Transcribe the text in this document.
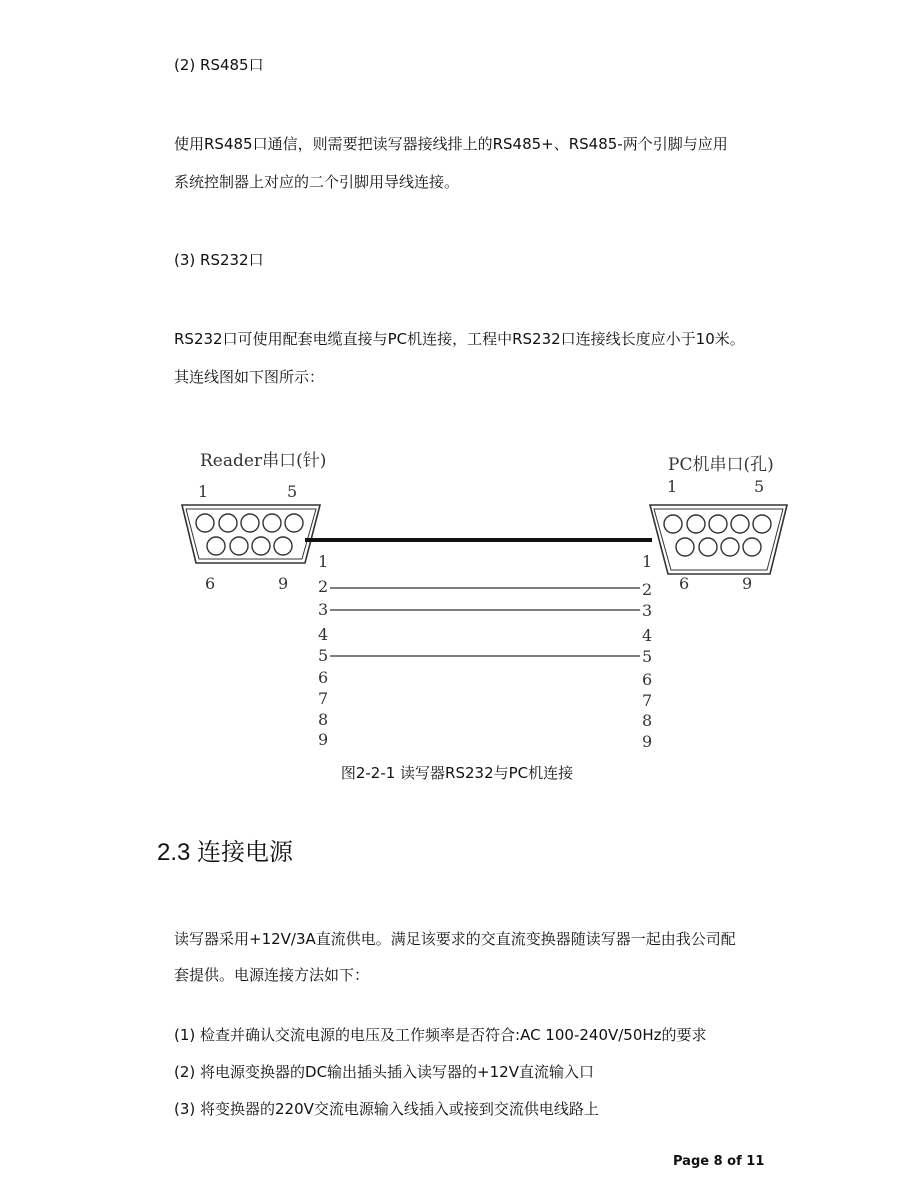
(2) RS485口
使用RS485口通信，则需要把读写器接线排上的RS485+、RS485-两个引脚与应用
系统控制器上对应的二个引脚用导线连接。
(3) RS232口
RS232口可使用配套电缆直接与PC机连接，工程中RS232口连接线长度应小于10米。
其连线图如下图所示：
Reader串口(针)	PC机串口(孔)
1	5
6	9
1	5
6	9
1	1
2	2
3	3
4	4
5	5
6	6
7	7
8	8
9	9
图2-2-1 读写器RS232与PC机连接
2.3 连接电源
读写器采用+12V/3A直流供电。满足该要求的交直流变换器随读写器一起由我公司配
套提供。电源连接方法如下：
(1) 检查并确认交流电源的电压及工作频率是否符合:AC 100-240V/50Hz的要求
(2) 将电源变换器的DC输出插头插入读写器的+12V直流输入口
(3) 将变换器的220V交流电源输入线插入或接到交流供电线路上
Page 8 of 11
